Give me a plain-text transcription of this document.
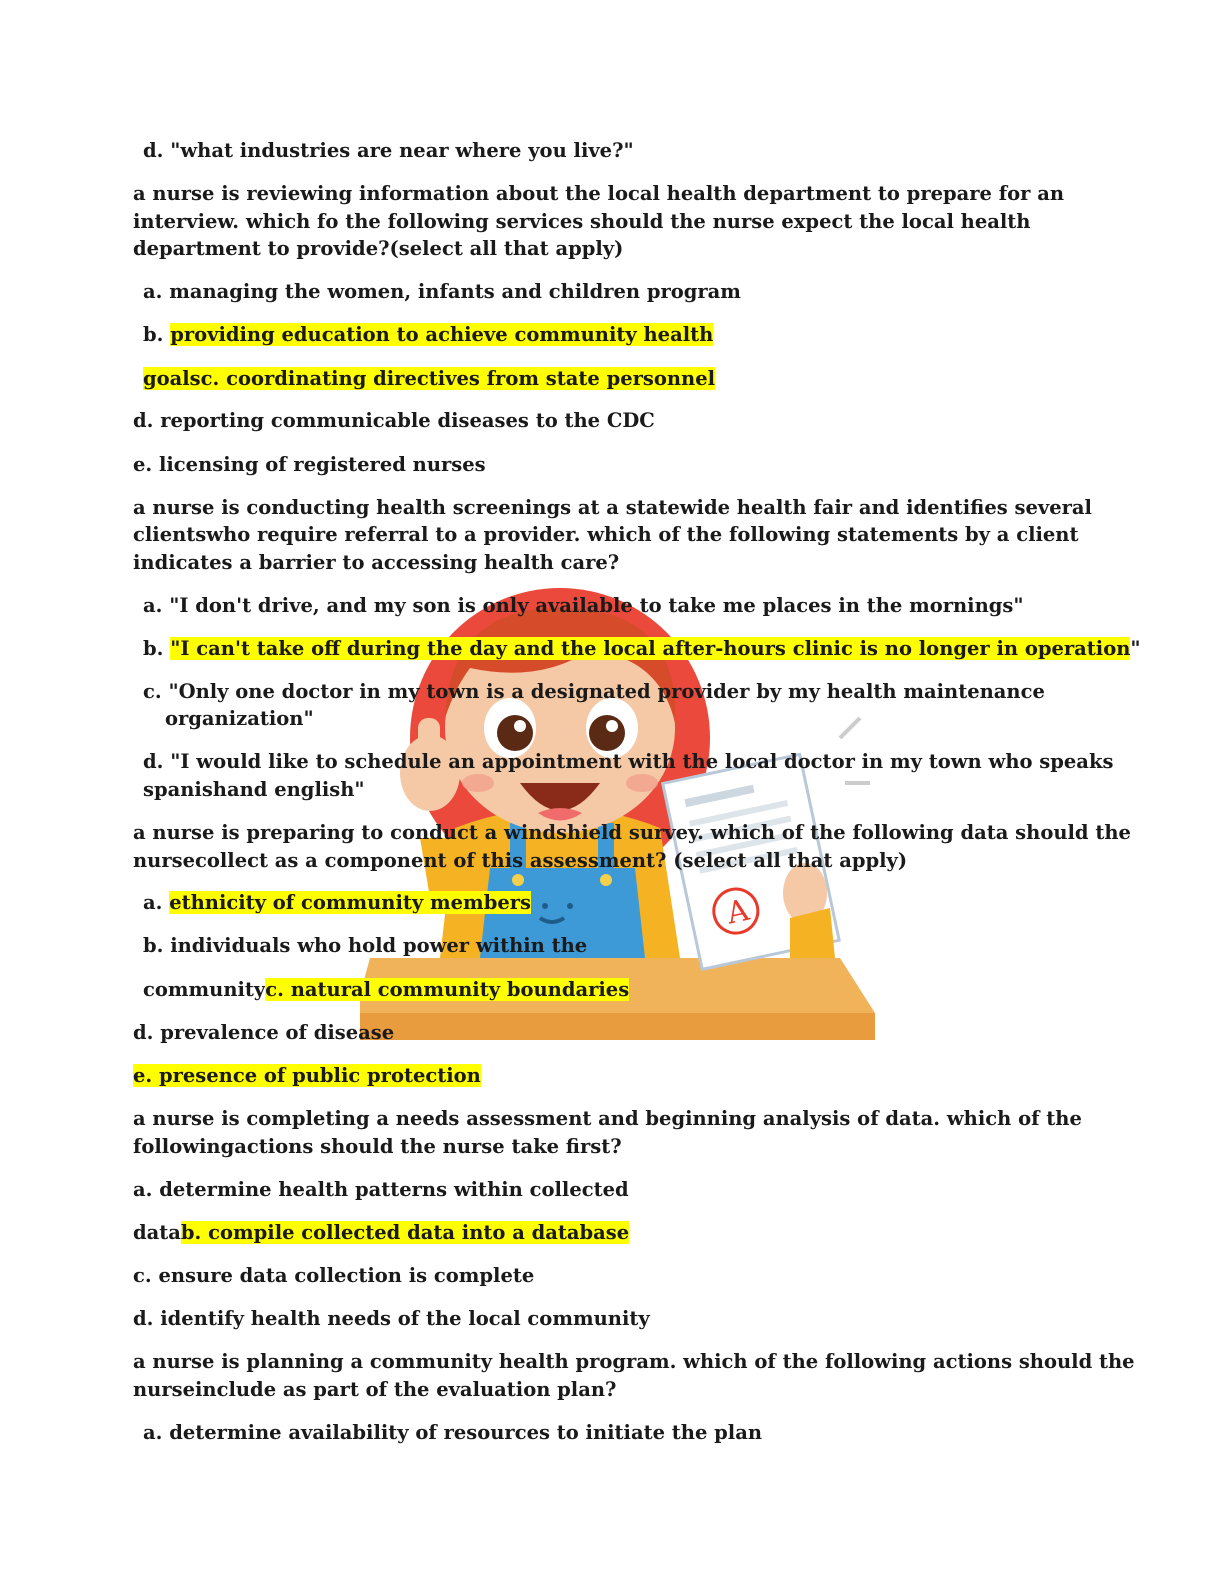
A
d. "what industries are near where you live?"
a nurse is reviewing information about the local health department to prepare for an
interview. which fo the following services should the nurse expect the local health
department to provide?(select all that apply)
a. managing the women, infants and children program
b. providing education to achieve community health
goalsc. coordinating directives from state personnel
d. reporting communicable diseases to the CDC
e. licensing of registered nurses
a nurse is conducting health screenings at a statewide health fair and identifies several
clientswho require referral to a provider. which of the following statements by a client
indicates a barrier to accessing health care?
a. "I don't drive, and my son is only available to take me places in the mornings"
b. "I can't take off during the day and the local after-hours clinic is no longer in operation"
c. "Only one doctor in my town is a designated provider by my health maintenance
organization"
d. "I would like to schedule an appointment with the local doctor in my town who speaks
spanishand english"
a nurse is preparing to conduct a windshield survey. which of the following data should the
nursecollect as a component of this assessment? (select all that apply)
a. ethnicity of community members
b. individuals who hold power within the
communityc. natural community boundaries
d. prevalence of disease
e. presence of public protection
a nurse is completing a needs assessment and beginning analysis of data. which of the
followingactions should the nurse take first?
a. determine health patterns within collected
datab. compile collected data into a database
c. ensure data collection is complete
d. identify health needs of the local community
a nurse is planning a community health program. which of the following actions should the
nurseinclude as part of the evaluation plan?
a. determine availability of resources to initiate the plan
